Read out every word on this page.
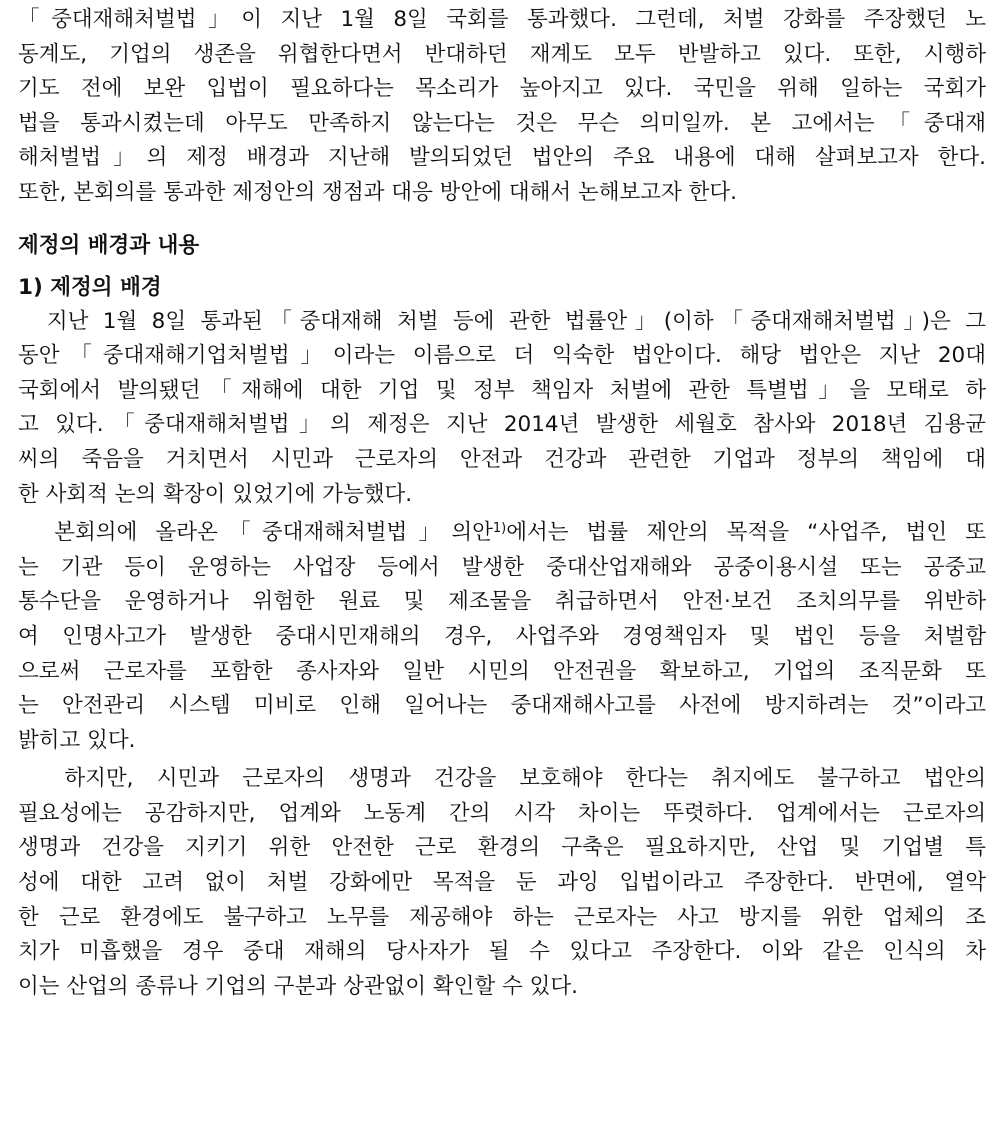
「중대재해처벌법」이 지난 1월 8일 국회를 통과했다. 그런데, 처벌 강화를 주장했던 노
동계도, 기업의 생존을 위협한다면서 반대하던 재계도 모두 반발하고 있다. 또한, 시행하
기도 전에 보완 입법이 필요하다는 목소리가 높아지고 있다. 국민을 위해 일하는 국회가
법을 통과시켰는데 아무도 만족하지 않는다는 것은 무슨 의미일까. 본 고에서는「중대재
해처벌법」의 제정 배경과 지난해 발의되었던 법안의 주요 내용에 대해 살펴보고자 한다.
또한, 본회의를 통과한 제정안의 쟁점과 대응 방안에 대해서 논해보고자 한다.
제정의 배경과 내용
1) 제정의 배경
지난 1월 8일 통과된「중대재해 처벌 등에 관한 법률안」(이하「중대재해처벌법」)은 그
동안「중대재해기업처벌법」이라는 이름으로 더 익숙한 법안이다. 해당 법안은 지난 20대
국회에서 발의됐던「재해에 대한 기업 및 정부 책임자 처벌에 관한 특별법」을 모태로 하
고 있다.「중대재해처벌법」의 제정은 지난 2014년 발생한 세월호 참사와 2018년 김용균
씨의 죽음을 거치면서 시민과 근로자의 안전과 건강과 관련한 기업과 정부의 책임에 대
한 사회적 논의 확장이 있었기에 가능했다.
본회의에 올라온「중대재해처벌법」의안$^{1)}$에서는 법률 제안의 목적을 “사업주, 법인 또
는 기관 등이 운영하는 사업장 등에서 발생한 중대산업재해와 공중이용시설 또는 공중교
통수단을 운영하거나 위험한 원료 및 제조물을 취급하면서 안전·보건 조치의무를 위반하
여 인명사고가 발생한 중대시민재해의 경우, 사업주와 경영책임자 및 법인 등을 처벌함
으로써 근로자를 포함한 종사자와 일반 시민의 안전권을 확보하고, 기업의 조직문화 또
는 안전관리 시스템 미비로 인해 일어나는 중대재해사고를 사전에 방지하려는 것”이라고
밝히고 있다.
하지만, 시민과 근로자의 생명과 건강을 보호해야 한다는 취지에도 불구하고 법안의
필요성에는 공감하지만, 업계와 노동계 간의 시각 차이는 뚜렷하다. 업계에서는 근로자의
생명과 건강을 지키기 위한 안전한 근로 환경의 구축은 필요하지만, 산업 및 기업별 특
성에 대한 고려 없이 처벌 강화에만 목적을 둔 과잉 입법이라고 주장한다. 반면에, 열악
한 근로 환경에도 불구하고 노무를 제공해야 하는 근로자는 사고 방지를 위한 업체의 조
치가 미흡했을 경우 중대 재해의 당사자가 될 수 있다고 주장한다. 이와 같은 인식의 차
이는 산업의 종류나 기업의 구분과 상관없이 확인할 수 있다.
